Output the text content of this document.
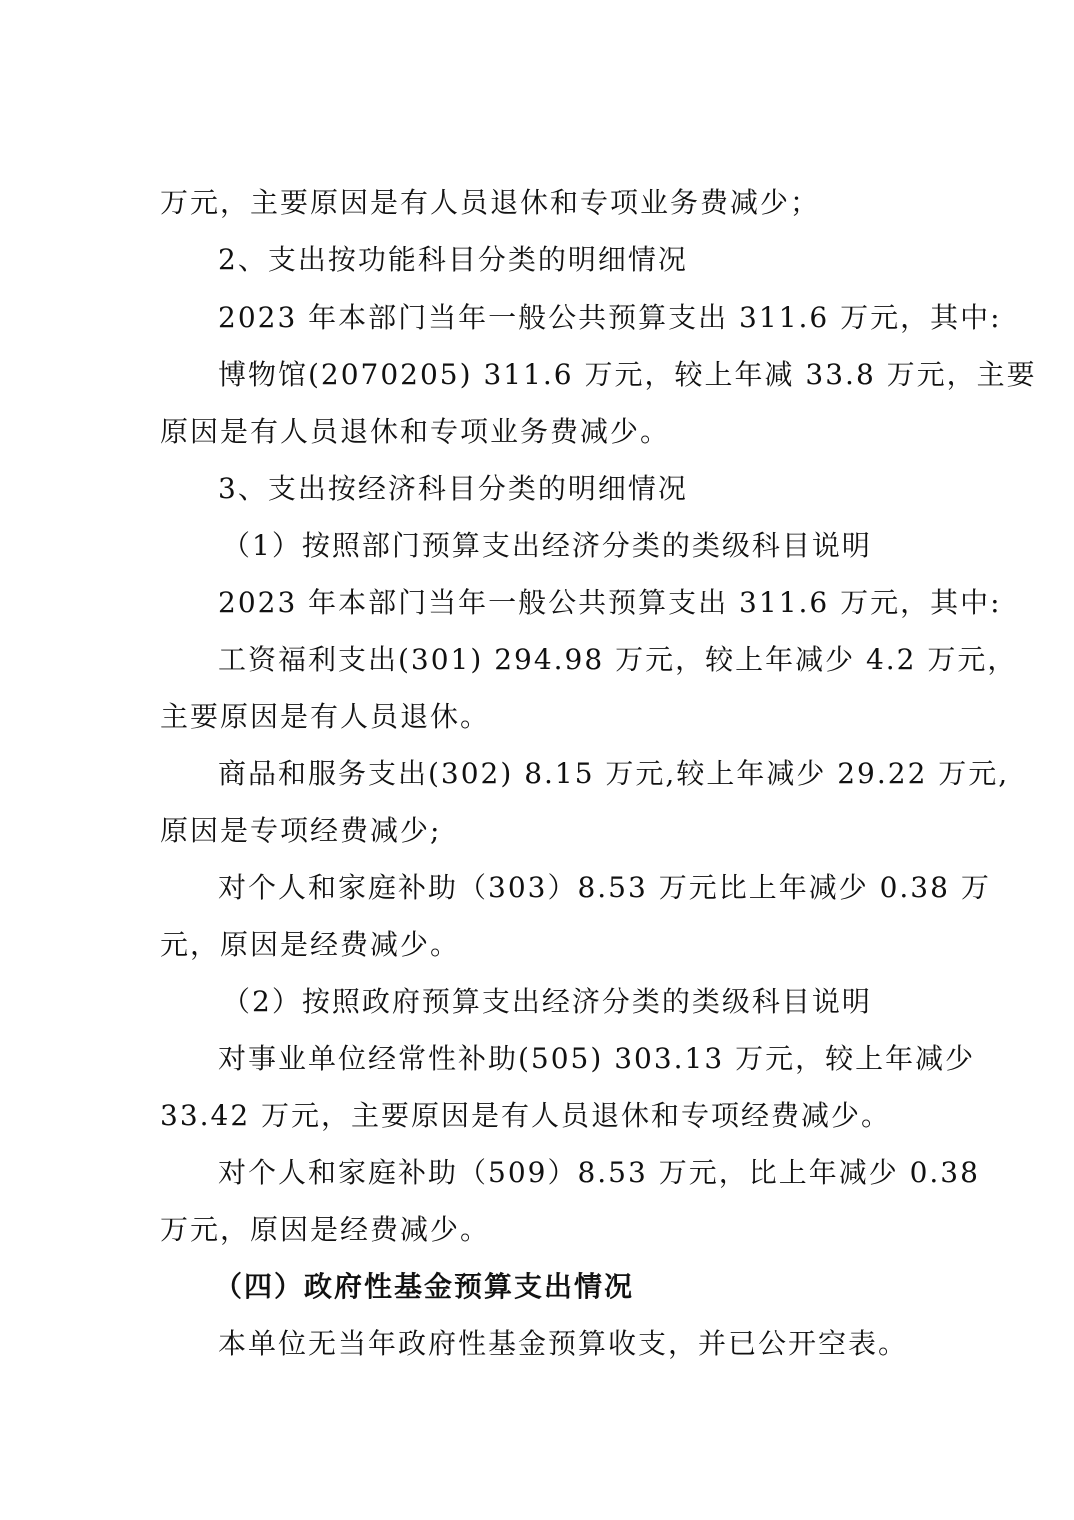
万元，主要原因是有人员退休和专项业务费减少；
2、支出按功能科目分类的明细情况
2023 年本部门当年一般公共预算支出 311.6 万元，其中:
博物馆(2070205) 311.6 万元，较上年减 33.8 万元，主要
原因是有人员退休和专项业务费减少。
3、支出按经济科目分类的明细情况
（1）按照部门预算支出经济分类的类级科目说明
2023 年本部门当年一般公共预算支出 311.6 万元，其中:
工资福利支出(301) 294.98 万元，较上年减少 4.2 万元，
主要原因是有人员退休。
商品和服务支出(302) 8.15 万元,较上年减少 29.22 万元,
原因是专项经费减少;
对个人和家庭补助（303）8.53 万元比上年减少 0.38 万
元，原因是经费减少。
（2）按照政府预算支出经济分类的类级科目说明
对事业单位经常性补助(505) 303.13 万元，较上年减少
33.42 万元，主要原因是有人员退休和专项经费减少。
对个人和家庭补助（509）8.53 万元，比上年减少 0.38
万元，原因是经费减少。
（四）政府性基金预算支出情况
本单位无当年政府性基金预算收支，并已公开空表。
